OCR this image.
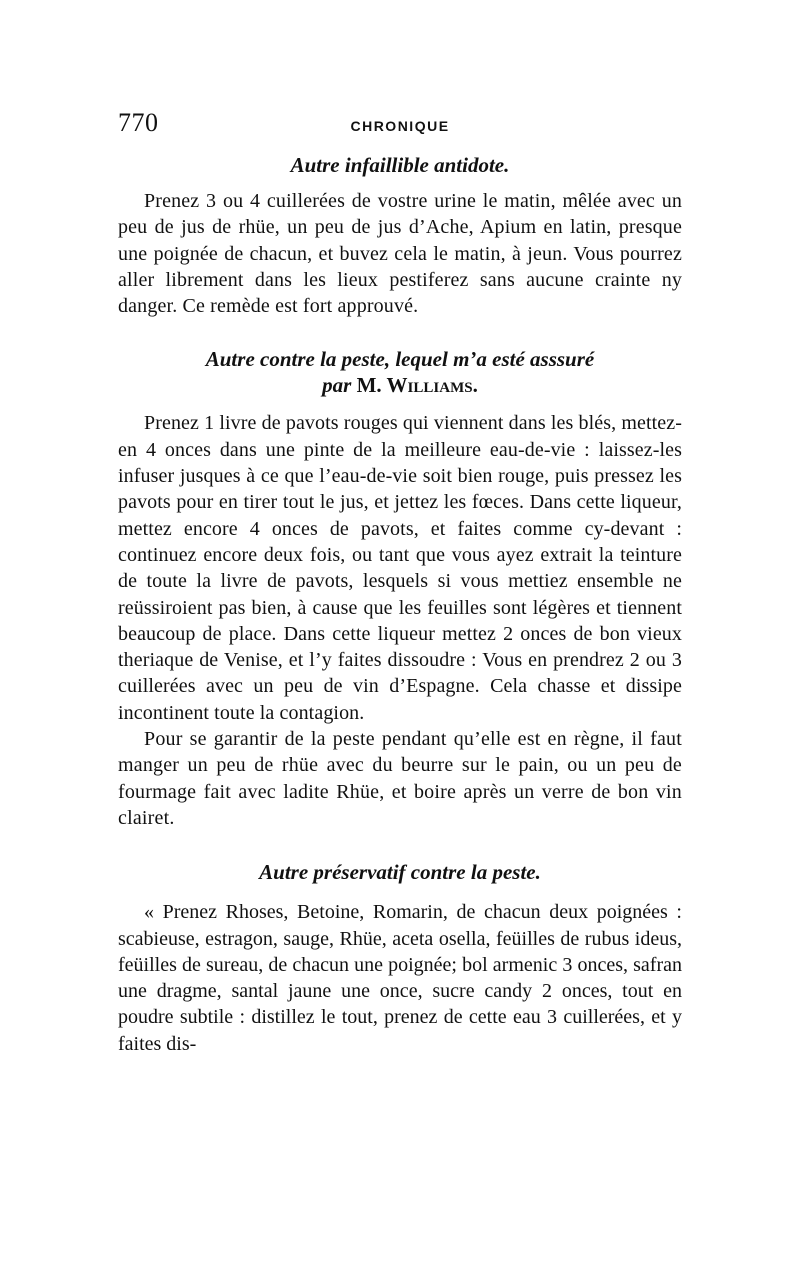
770	CHRONIQUE
Autre infaillible antidote.

Prenez 3 ou 4 cuillerées de vostre urine le matin, mêlée avec un peu de jus de rhüe, un peu de jus d’Ache, Apium en latin, presque une poignée de chacun, et buvez cela le matin, à jeun. Vous pourrez aller librement dans les lieux pestiferez sans aucune crainte ny danger. Ce remède est fort approuvé.

Autre contre la peste, lequel m’a esté asssuré
par M. Williams.

Prenez 1 livre de pavots rouges qui viennent dans les blés, mettez-en 4 onces dans une pinte de la meilleure eau-de-vie : laissez-les infuser jusques à ce que l’eau-de-vie soit bien rouge, puis pressez les pavots pour en tirer tout le jus, et jettez les fœces. Dans cette liqueur, mettez encore 4 onces de pavots, et faites comme cy-devant : continuez encore deux fois, ou tant que vous ayez extrait la teinture de toute la livre de pavots, lesquels si vous mettiez ensemble ne reüssiroient pas bien, à cause que les feuilles sont légères et tiennent beaucoup de place. Dans cette liqueur mettez 2 onces de bon vieux theriaque de Venise, et l’y faites dissoudre : Vous en prendrez 2 ou 3 cuillerées avec un peu de vin d’Espagne. Cela chasse et dissipe incontinent toute la contagion.

Pour se garantir de la peste pendant qu’elle est en règne, il faut manger un peu de rhüe avec du beurre sur le pain, ou un peu de fourmage fait avec ladite Rhüe, et boire après un verre de bon vin clairet.

Autre préservatif contre la peste.

« Prenez Rhoses, Betoine, Romarin, de chacun deux poignées : scabieuse, estragon, sauge, Rhüe, aceta osella, feüilles de rubus ideus, feüilles de sureau, de chacun une poignée; bol armenic 3 onces, safran une dragme, santal jaune une once, sucre candy 2 onces, tout en poudre subtile : distillez le tout, prenez de cette eau 3 cuillerées, et y faites dis-
